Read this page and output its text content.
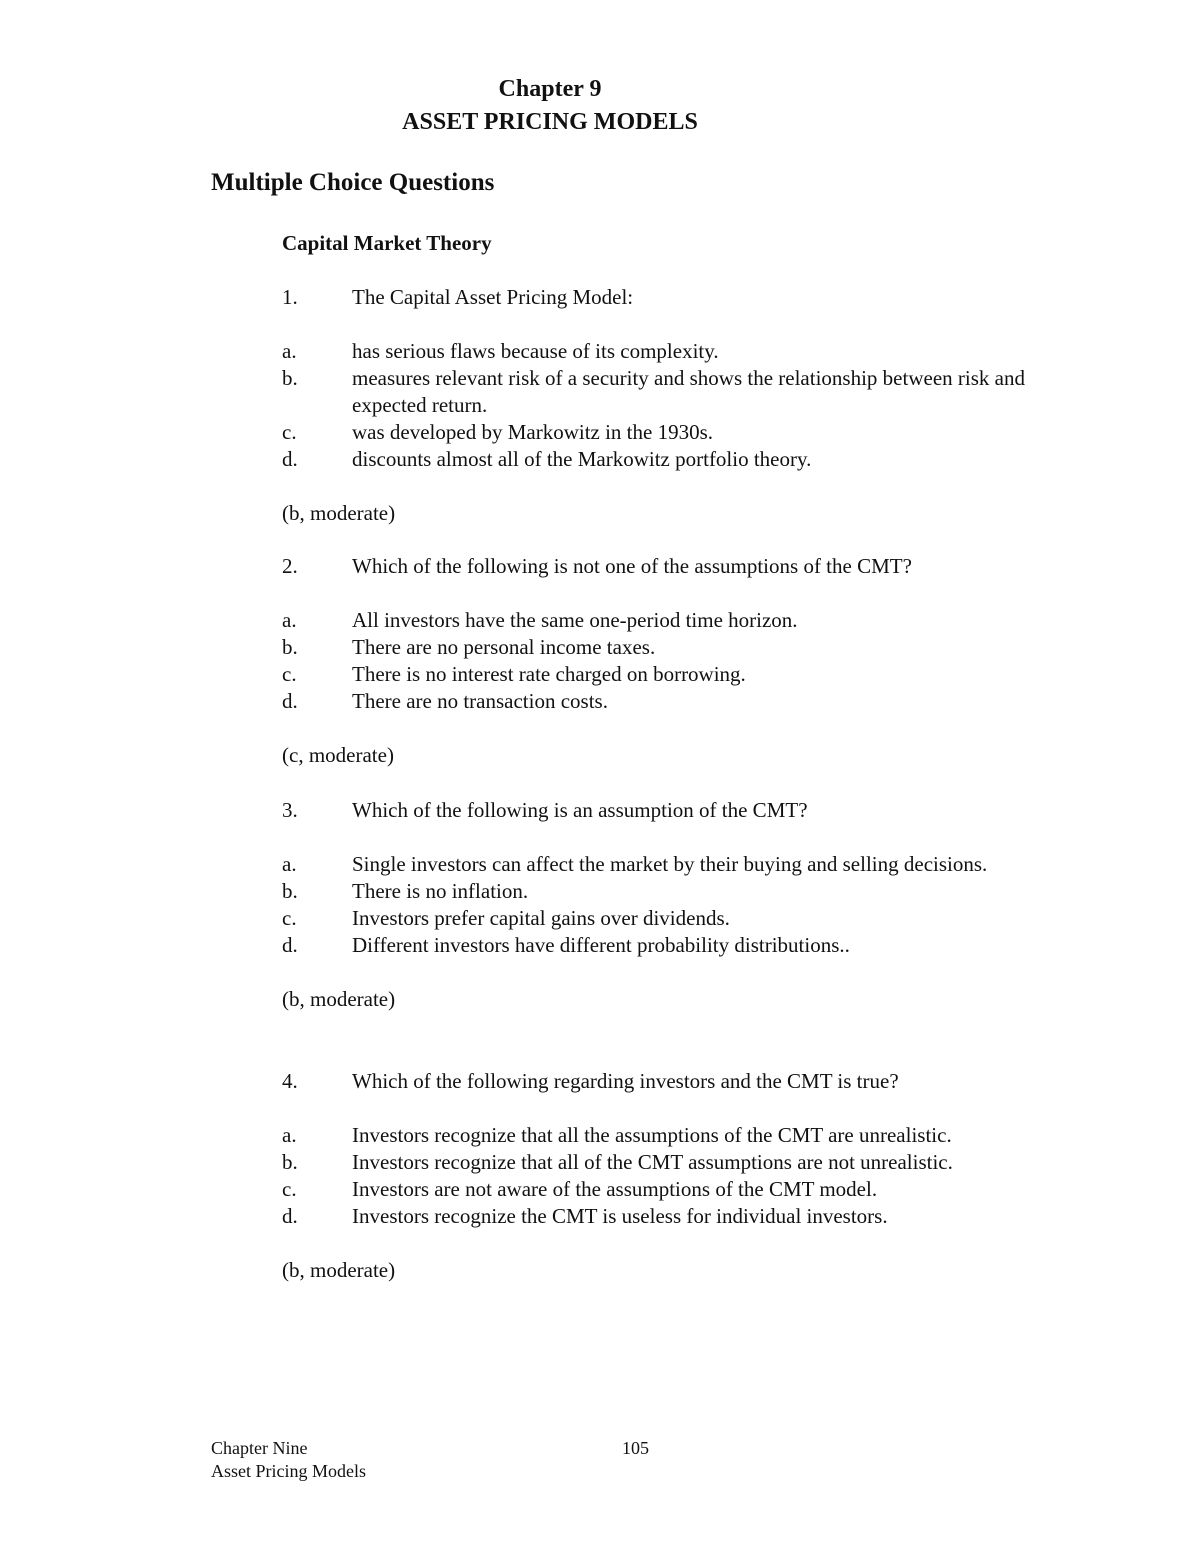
Chapter 9
ASSET PRICING MODELS
Multiple Choice Questions
Capital Market Theory
1.	The Capital Asset Pricing Model:
a.	has serious flaws because of its complexity.
b.	measures relevant risk of a security and shows the relationship between risk and expected return.
c.	was developed by Markowitz in the 1930s.
d.	discounts almost all of the Markowitz portfolio theory.
(b, moderate)
2.	Which of the following is not one of the assumptions of the CMT?
a.	All investors have the same one-period time horizon.
b.	There are no personal income taxes.
c.	There is no interest rate charged on borrowing.
d.	There are no transaction costs.
(c, moderate)
3.	Which of the following is an assumption of the CMT?
a.	Single investors can affect the market by their buying and selling decisions.
b.	There is no inflation.
c.	Investors prefer capital gains over dividends.
d.	Different investors have different probability distributions..
(b, moderate)
4.	Which of the following regarding investors and the CMT is true?
a.	Investors recognize that all the assumptions of the CMT are unrealistic.
b.	Investors recognize that all of the CMT assumptions are not unrealistic.
c.	Investors are not aware of the assumptions of the CMT model.
d.	Investors recognize the CMT is useless for individual investors.
(b, moderate)
Chapter Nine
Asset Pricing Models
105
